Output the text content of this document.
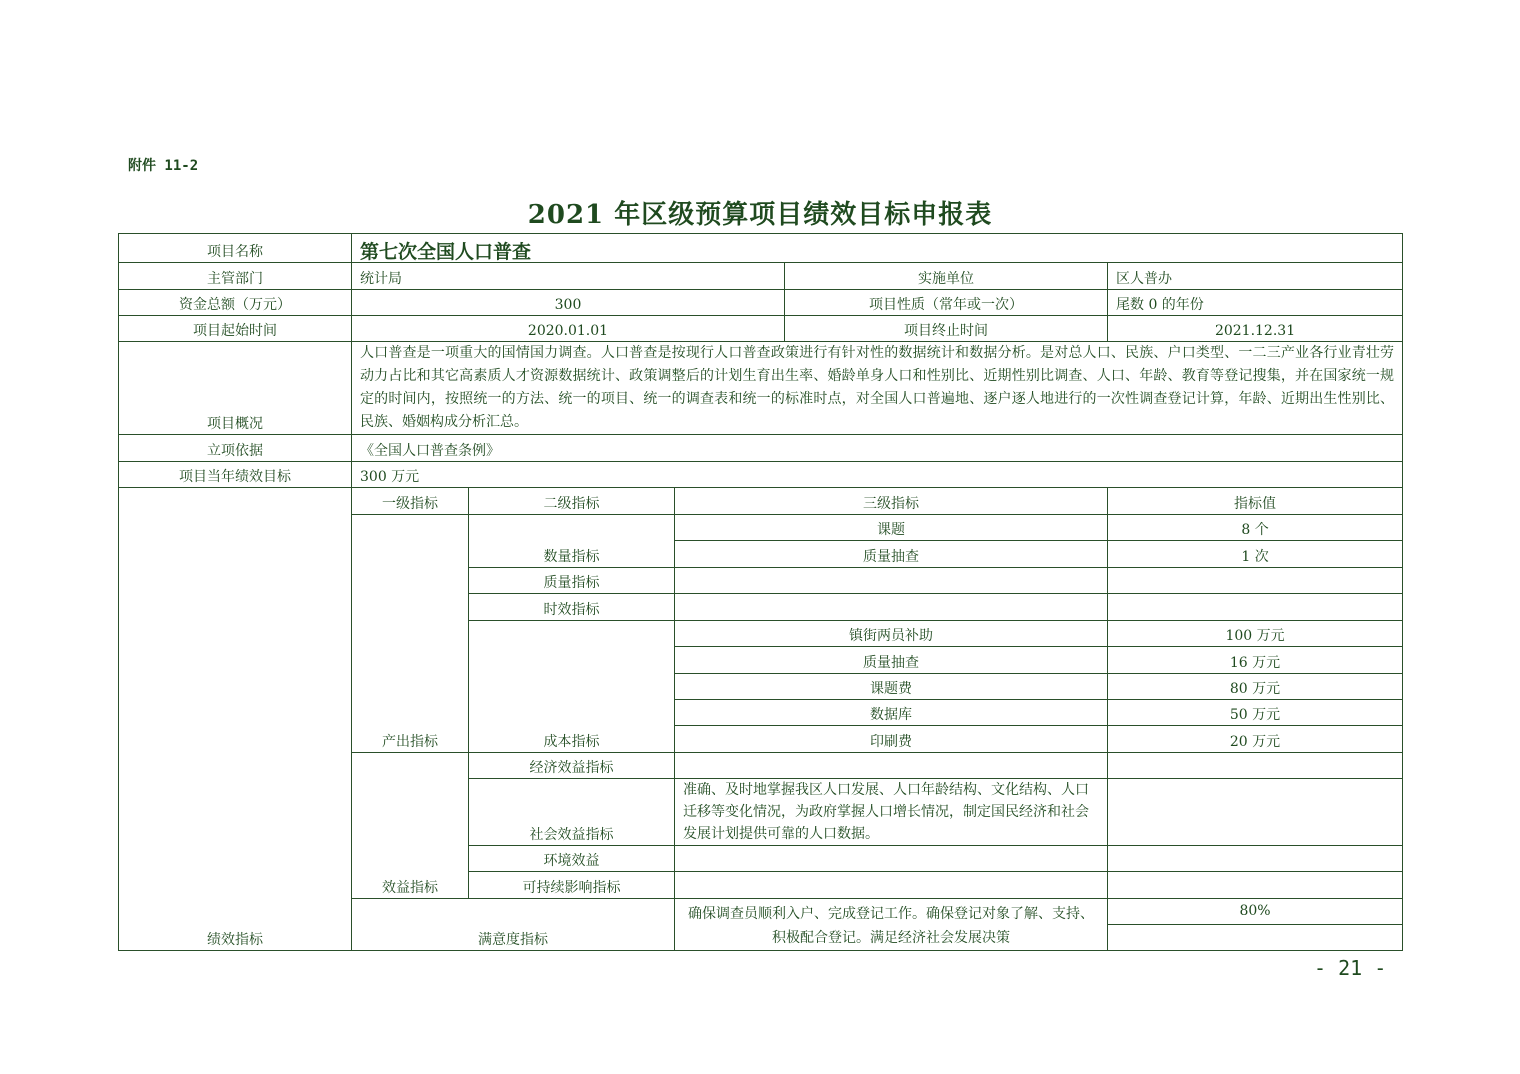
附件 11-2
2021 年区级预算项目绩效目标申报表
项目名称	第七次全国人口普查				
主管部门	统计局			实施单位	区人普办
资金总额（万元）	300			项目性质（常年或一次）	尾数 0 的年份
项目起始时间	2020.01.01			项目终止时间	2021.12.31
项目概况	人口普查是一项重大的国情国力调查。人口普查是按现行人口普查政策进行有针对性的数据统计和数据分析。是对总人口、民族、户口类型、一二三产业各行业青壮劳动力占比和其它高素质人才资源数据统计、政策调整后的计划生育出生率、婚龄单身人口和性别比、近期性别比调查、人口、年龄、教育等登记搜集，并在国家统一规定的时间内，按照统一的方法、统一的项目、统一的调查表和统一的标准时点，对全国人口普遍地、逐户逐人地进行的一次性调查登记计算，年龄、近期出生性别比、民族、婚姻构成分析汇总。				
立项依据	《全国人口普查条例》				
项目当年绩效目标	300 万元				
绩效指标	一级指标	二级指标	三级指标		指标值
	产出指标	数量指标	课题		8 个
			质量抽查		1 次
		质量指标			
		时效指标			
		成本指标	镇街两员补助		100 万元
			质量抽查		16 万元
			课题费		80 万元
			数据库		50 万元
			印刷费		20 万元
	效益指标	经济效益指标			
		社会效益指标	准确、及时地掌握我区人口发展、人口年龄结构、文化结构、人口迁移等变化情况，为政府掌握人口增长情况，制定国民经济和社会发展计划提供可靠的人口数据。		
		环境效益			
		可持续影响指标			
	满意度指标		确保调查员顺利入户、完成登记工作。确保登记对象了解、支持、积极配合登记。满足经济社会发展决策		80%

- 21 -
